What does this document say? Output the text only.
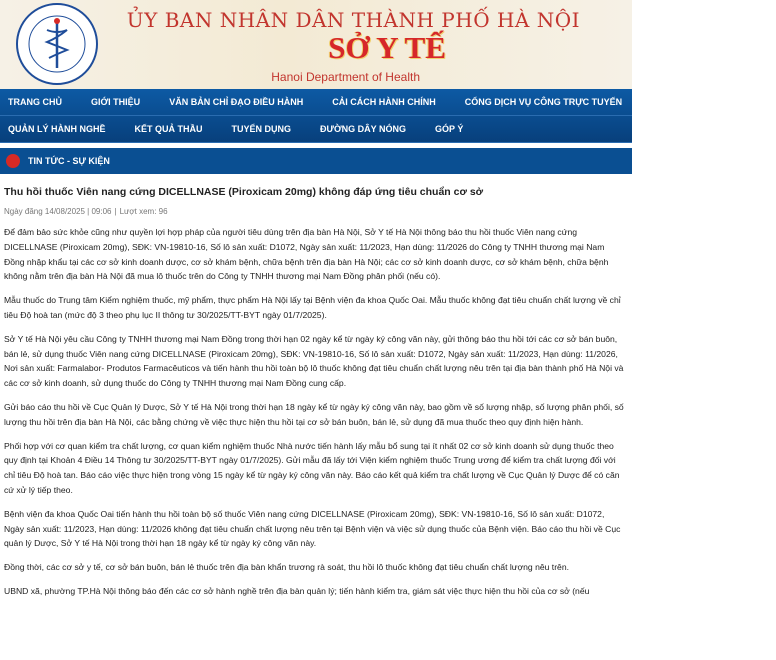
ỦY BAN NHÂN DÂN THÀNH PHỐ HÀ NỘI
SỞ Y TẾ
Hanoi Department of Health
TRANG CHỦ	GIỚI THIỆU	VĂN BẢN CHỈ ĐẠO ĐIỀU HÀNH	CẢI CÁCH HÀNH CHÍNH	CỔNG DỊCH VỤ CÔNG TRỰC TUYẾN	CÔNG KHAI DỰ TOÁN NGÂN
QUẢN LÝ HÀNH NGHỀ	KẾT QUẢ THẦU	TUYỂN DỤNG	ĐƯỜNG DÂY NÓNG	GÓP Ý
TIN TỨC - SỰ KIỆN
Thu hồi thuốc Viên nang cứng DICELLNASE (Piroxicam 20mg) không đáp ứng tiêu chuẩn cơ sở
Ngày đăng 14/08/2025 | 09:06 | Lượt xem: 96

Để đảm bảo sức khỏe cũng như quyền lợi hợp pháp của người tiêu dùng trên địa bàn Hà Nội, Sở Y tế Hà Nội thông báo thu hồi thuốc Viên nang cứng DICELLNASE (Piroxicam 20mg), SĐK: VN-19810-16, Số lô sản xuất: D1072, Ngày sản xuất: 11/2023, Hạn dùng: 11/2026 do Công ty TNHH thương mại Nam Đồng nhập khẩu tại các cơ sở kinh doanh dược, cơ sở khám bệnh, chữa bệnh trên địa bàn Hà Nội; các cơ sở kinh doanh dược, cơ sở khám bệnh, chữa bệnh không nằm trên địa bàn Hà Nội đã mua lô thuốc trên do Công ty TNHH thương mại Nam Đồng phân phối (nếu có).

Mẫu thuốc do Trung tâm Kiểm nghiệm thuốc, mỹ phẩm, thực phẩm Hà Nội lấy tại Bệnh viện đa khoa Quốc Oai. Mẫu thuốc không đạt tiêu chuẩn chất lượng về chỉ tiêu Độ hoà tan (mức độ 3 theo phụ lục II thông tư 30/2025/TT-BYT ngày 01/7/2025).

Sở Y tế Hà Nội yêu cầu Công ty TNHH thương mại Nam Đồng trong thời hạn 02 ngày kể từ ngày ký công văn này, gửi thông báo thu hồi tới các cơ sở bán buôn, bán lẻ, sử dụng thuốc Viên nang cứng DICELLNASE (Piroxicam 20mg), SĐK: VN-19810-16, Số lô sản xuất: D1072, Ngày sản xuất: 11/2023, Hạn dùng: 11/2026, Nơi sản xuất: Farmalabor- Produtos Farmacêuticos và tiến hành thu hồi toàn bộ lô thuốc không đạt tiêu chuẩn chất lượng nêu trên tại địa bàn thành phố Hà Nội và các cơ sở kinh doanh, sử dụng thuốc do Công ty TNHH thương mại Nam Đồng cung cấp.

Gửi báo cáo thu hồi về Cục Quản lý Dược, Sở Y tế Hà Nội trong thời hạn 18 ngày kể từ ngày ký công văn này, bao gồm về số lượng nhập, số lượng phân phối, số lượng thu hồi trên địa bàn Hà Nội, các bằng chứng về việc thực hiện thu hồi tại cơ sở bán buôn, bán lẻ, sử dụng đã mua thuốc theo quy định hiện hành.

Phối hợp với cơ quan kiểm tra chất lượng, cơ quan kiểm nghiệm thuốc Nhà nước tiến hành lấy mẫu bổ sung tại ít nhất 02 cơ sở kinh doanh sử dụng thuốc theo quy định tại Khoản 4 Điều 14 Thông tư 30/2025/TT-BYT ngày 01/7/2025). Gửi mẫu đã lấy tới Viện kiểm nghiệm thuốc Trung ương để kiểm tra chất lượng đối với chỉ tiêu Độ hoà tan. Báo cáo việc thực hiện trong vòng 15 ngày kể từ ngày ký công văn này. Báo cáo kết quả kiểm tra chất lượng về Cục Quản lý Dược để có căn cứ xử lý tiếp theo.

Bệnh viện đa khoa Quốc Oai tiến hành thu hồi toàn bộ số thuốc Viên nang cứng DICELLNASE (Piroxicam 20mg), SĐK: VN-19810-16, Số lô sản xuất: D1072, Ngày sản xuất: 11/2023, Hạn dùng: 11/2026 không đạt tiêu chuẩn chất lượng nêu trên tại Bệnh viện và việc sử dụng thuốc của Bệnh viện. Báo cáo thu hồi về Cục quản lý Dược, Sở Y tế Hà Nội trong thời hạn 18 ngày kể từ ngày ký công văn này.

Đồng thời, các cơ sở y tế, cơ sở bán buôn, bán lẻ thuốc trên địa bàn khẩn trương rà soát, thu hồi lô thuốc không đạt tiêu chuẩn chất lượng nêu trên.

UBND xã, phường TP.Hà Nội thông báo đến các cơ sở hành nghề trên địa bàn quản lý; tiến hành kiểm tra, giám sát việc thực hiện thu hồi của cơ sở (nếu
